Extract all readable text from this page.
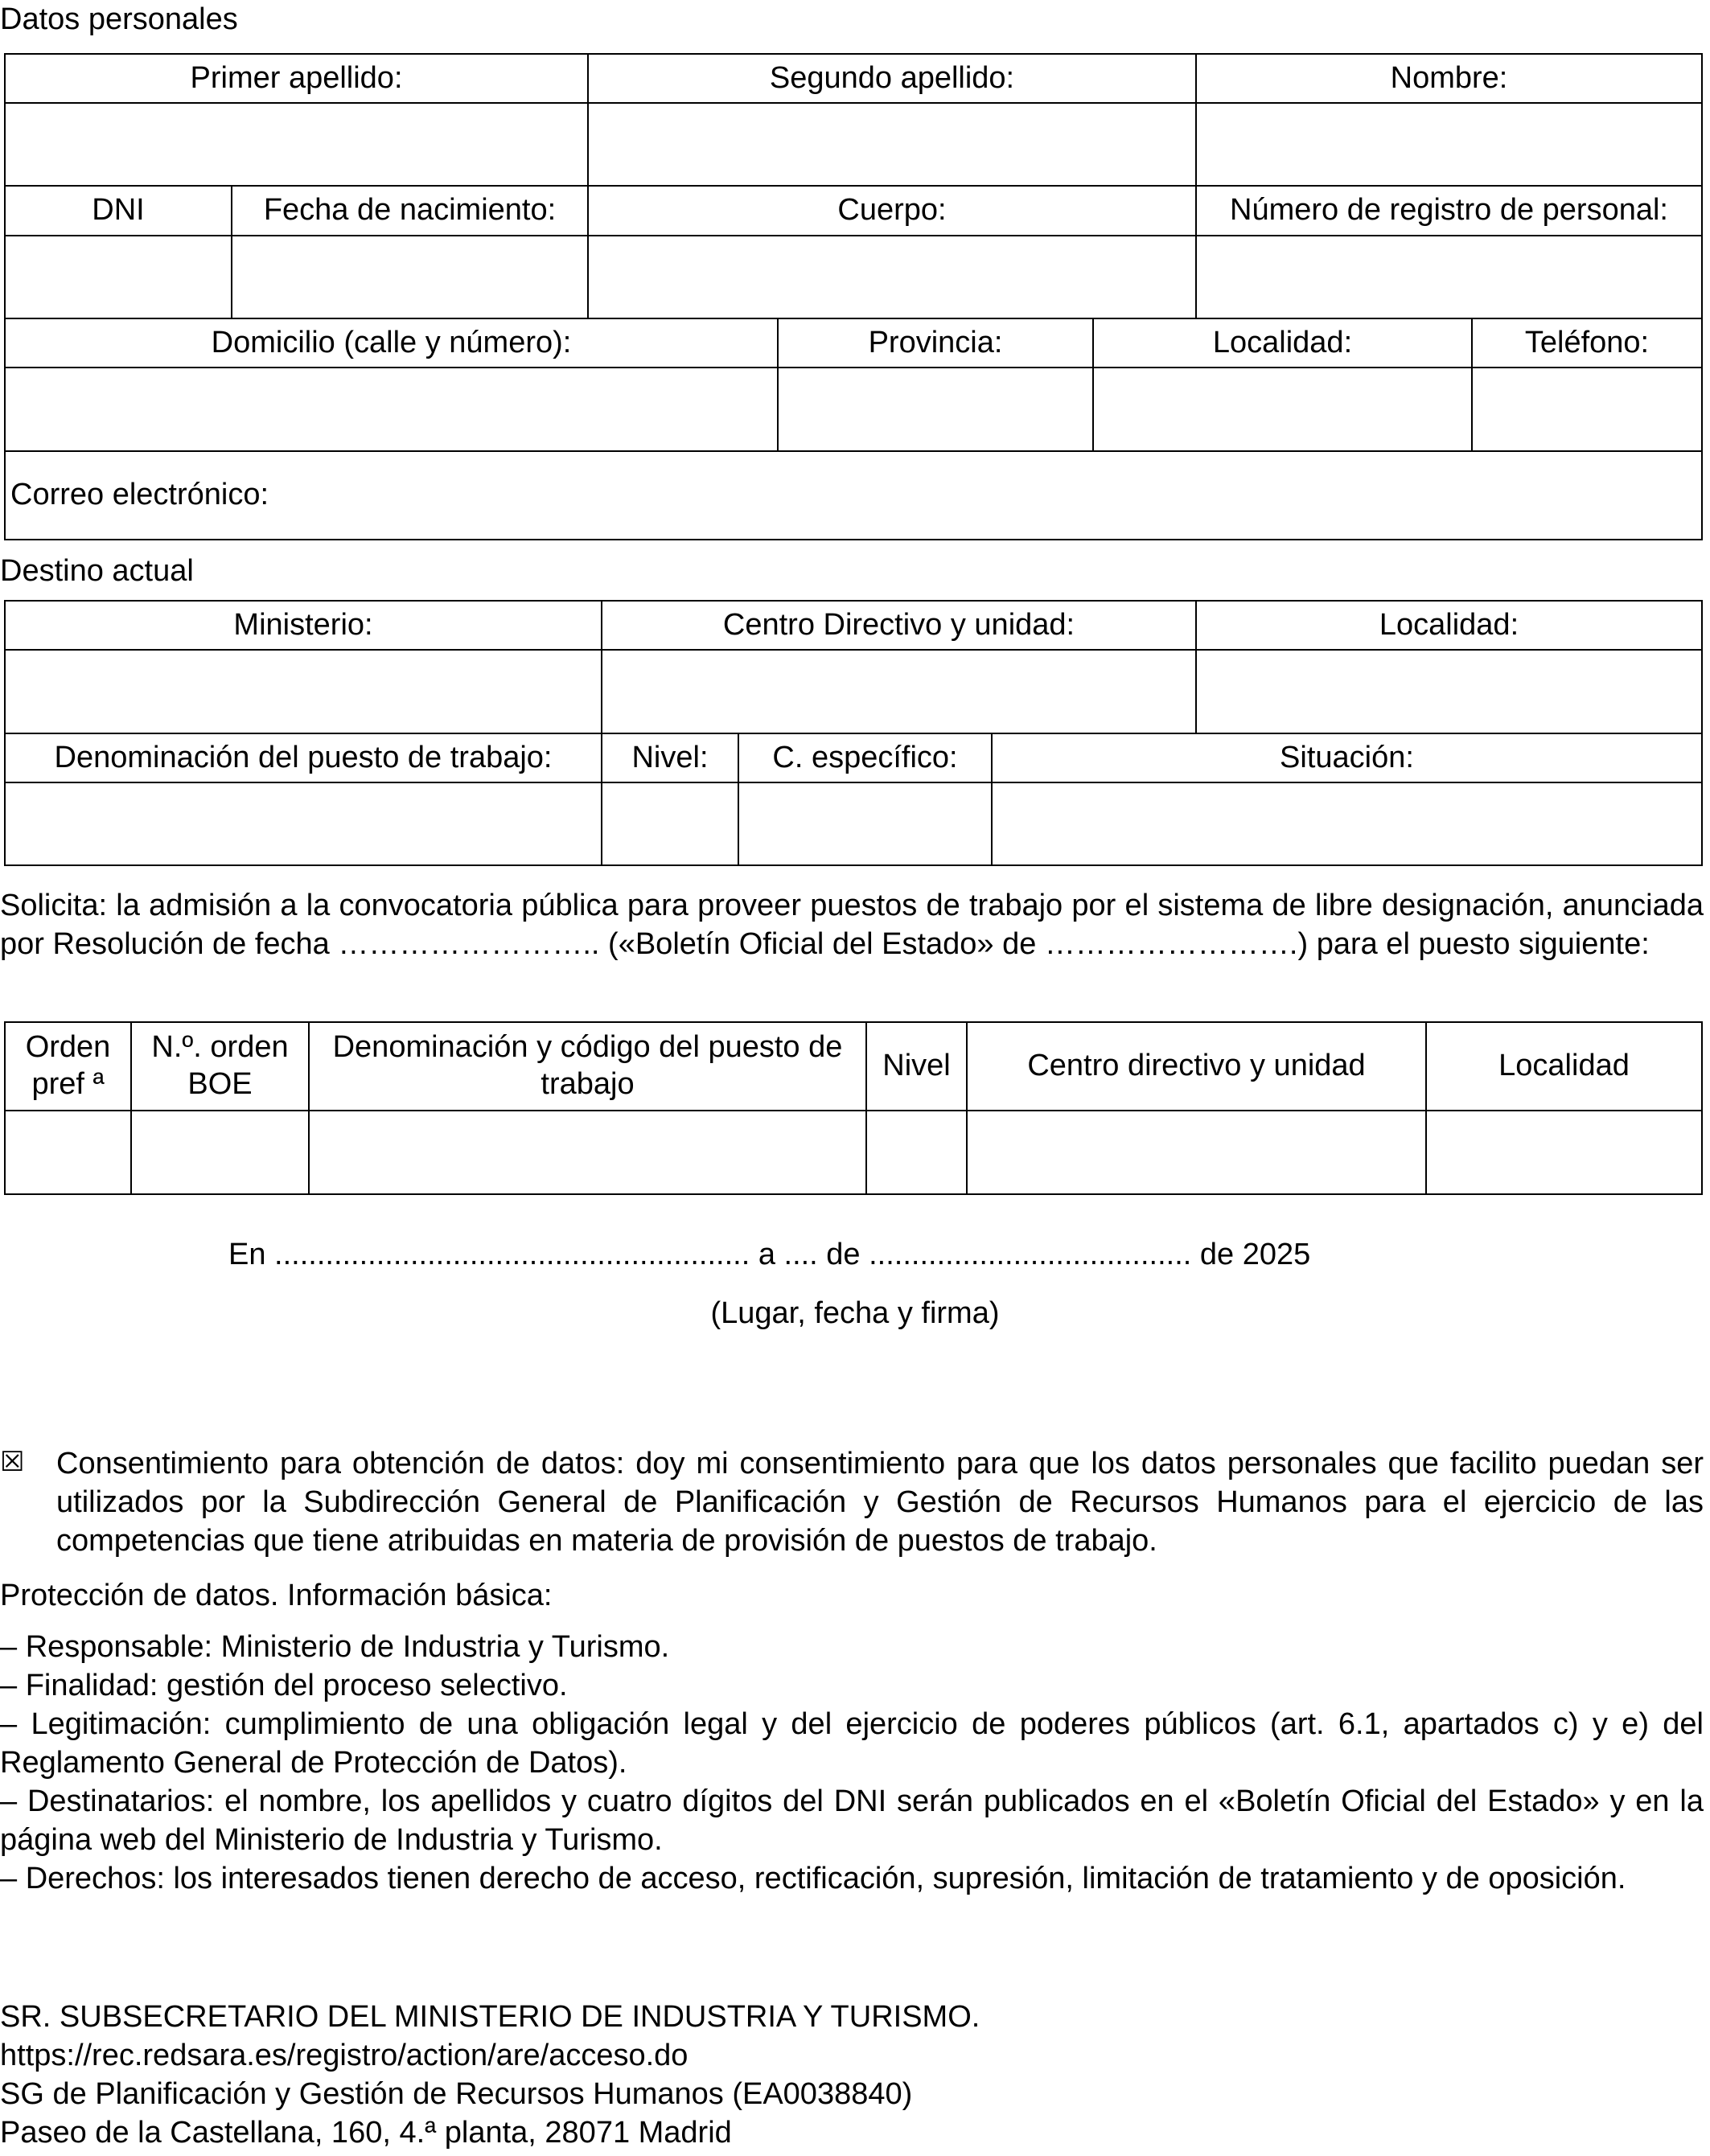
Datos personales
Primer apellido:		Segundo apellido:	Nombre:

DNI	Fecha de nacimiento:	Cuerpo:	Número de registro de personal:

Domicilio (calle y número):	Provincia:	Localidad:	Teléfono:

Correo electrónico:			
Destino actual
Ministerio:	Centro Directivo y unidad:	Localidad:

Denominación del puesto de trabajo:	Nivel:	C. específico:	Situación:

Solicita: la admisión a la convocatoria pública para proveer puestos de trabajo por el sistema de libre designación, anunciada por Resolución de fecha …………………….. («Boletín Oficial del Estado» de …………………….) para el puesto siguiente:
Orden pref ª	N.º. orden BOE	Denominación y código del puesto de trabajo	Nivel	Centro directivo y unidad	Localidad

En ........................................................ a .... de ...................................... de 2025
(Lugar, fecha y firma)
☒ Consentimiento para obtención de datos: doy mi consentimiento para que los datos personales que facilito puedan ser utilizados por la Subdirección General de Planificación y Gestión de Recursos Humanos para el ejercicio de las competencias que tiene atribuidas en materia de provisión de puestos de trabajo.
Protección de datos. Información básica:
– Responsable: Ministerio de Industria y Turismo.
– Finalidad: gestión del proceso selectivo.
– Legitimación: cumplimiento de una obligación legal y del ejercicio de poderes públicos (art. 6.1, apartados c) y e) del Reglamento General de Protección de Datos).
– Destinatarios: el nombre, los apellidos y cuatro dígitos del DNI serán publicados en el «Boletín Oficial del Estado» y en la página web del Ministerio de Industria y Turismo.
– Derechos: los interesados tienen derecho de acceso, rectificación, supresión, limitación de tratamiento y de oposición.
SR. SUBSECRETARIO DEL MINISTERIO DE INDUSTRIA Y TURISMO.
https://rec.redsara.es/registro/action/are/acceso.do
SG de Planificación y Gestión de Recursos Humanos (EA0038840)
Paseo de la Castellana, 160, 4.ª planta, 28071 Madrid
